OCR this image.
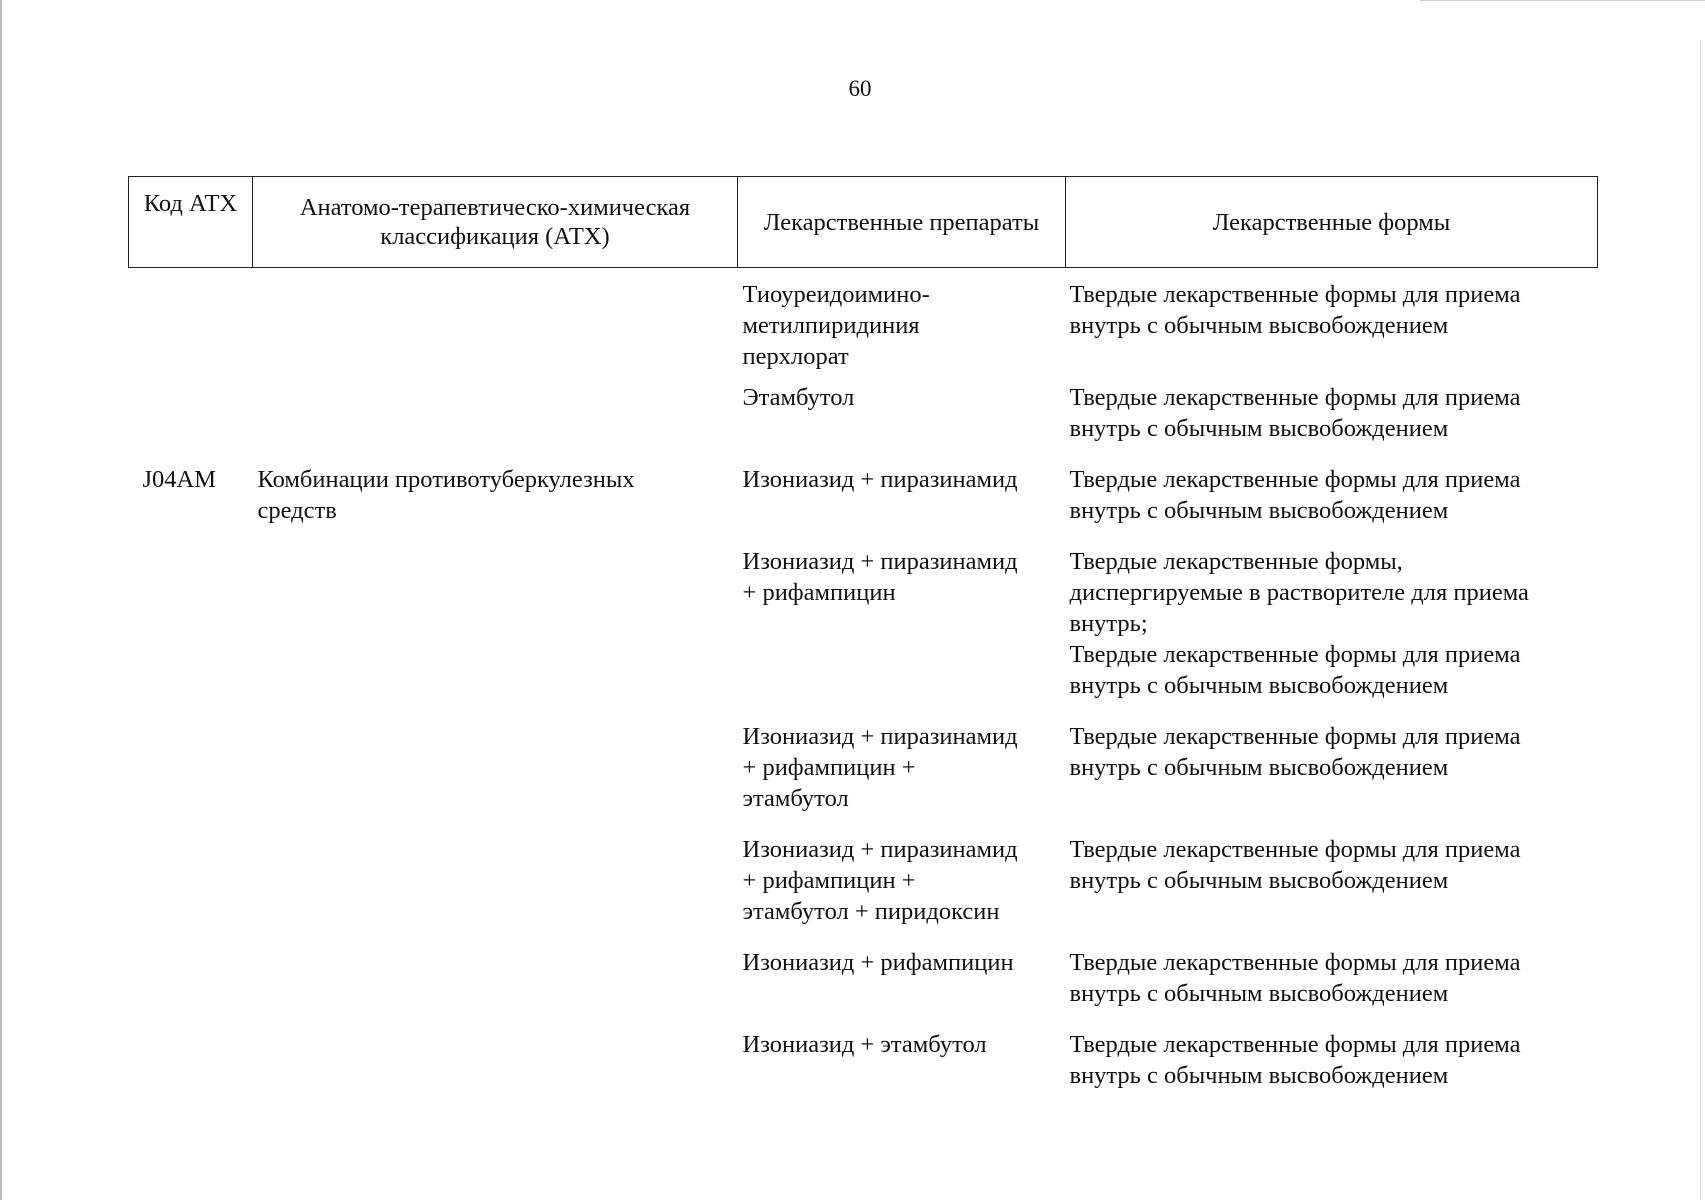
60
Код АТХ	Анатомо-терапевтическо-химическая
классификация (АТХ)	Лекарственные препараты	Лекарственные формы

		Тиоуреидоимино-
метилпиридиния
перхлорат	Твердые лекарственные формы для приема
внутрь с обычным высвобождением

		Этамбутол	Твердые лекарственные формы для приема
внутрь с обычным высвобождением

J04AM	Комбинации противотуберкулезных
средств	Изониазид + пиразинамид	Твердые лекарственные формы для приема
внутрь с обычным высвобождением

		Изониазид + пиразинамид
+ рифампицин	Твердые лекарственные формы,
диспергируемые в растворителе для приема
внутрь;
Твердые лекарственные формы для приема
внутрь с обычным высвобождением

		Изониазид + пиразинамид
+ рифампицин +
этамбутол	Твердые лекарственные формы для приема
внутрь с обычным высвобождением

		Изониазид + пиразинамид
+ рифампицин +
этамбутол + пиридоксин	Твердые лекарственные формы для приема
внутрь с обычным высвобождением

		Изониазид + рифампицин	Твердые лекарственные формы для приема
внутрь с обычным высвобождением

		Изониазид + этамбутол	Твердые лекарственные формы для приема
внутрь с обычным высвобождением
